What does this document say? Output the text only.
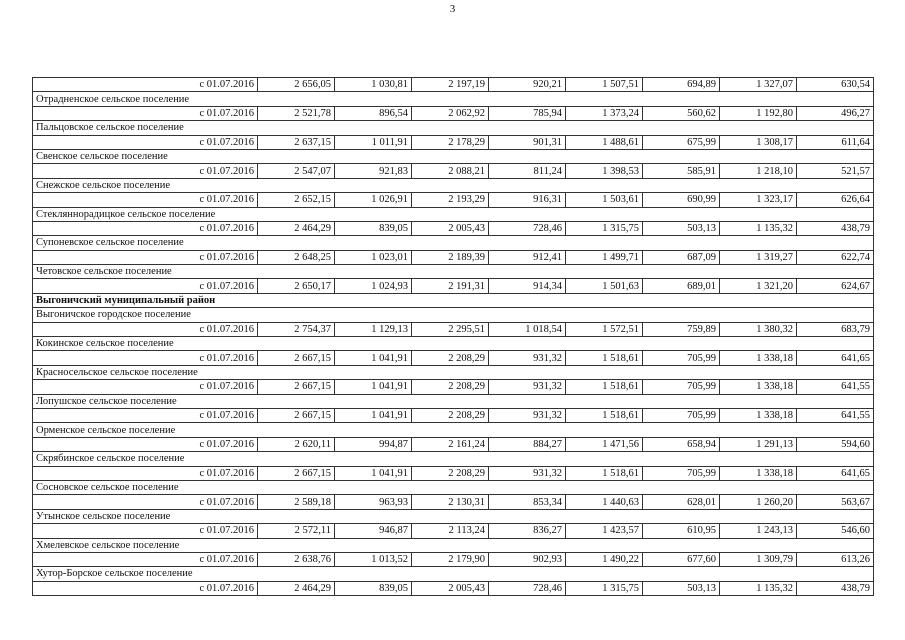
3
с 01.07.2016	2 656,05	1 030,81	2 197,19	920,21	1 507,51	694,89	1 327,07	630,54
Отрадненское сельское поселение								
с 01.07.2016	2 521,78	896,54	2 062,92	785,94	1 373,24	560,62	1 192,80	496,27
Пальцовское сельское поселение								
с 01.07.2016	2 637,15	1 011,91	2 178,29	901,31	1 488,61	675,99	1 308,17	611,64
Свенское сельское поселение								
с 01.07.2016	2 547,07	921,83	2 088,21	811,24	1 398,53	585,91	1 218,10	521,57
Снежское сельское поселение								
с 01.07.2016	2 652,15	1 026,91	2 193,29	916,31	1 503,61	690,99	1 323,17	626,64
Стекляннорадицкое сельское поселение								
с 01.07.2016	2 464,29	839,05	2 005,43	728,46	1 315,75	503,13	1 135,32	438,79
Супоневское сельское поселение								
с 01.07.2016	2 648,25	1 023,01	2 189,39	912,41	1 499,71	687,09	1 319,27	622,74
Четовское сельское поселение								
с 01.07.2016	2 650,17	1 024,93	2 191,31	914,34	1 501,63	689,01	1 321,20	624,67
Выгоничский муниципальный район								
Выгоничское городское поселение								
с 01.07.2016	2 754,37	1 129,13	2 295,51	1 018,54	1 572,51	759,89	1 380,32	683,79
Кокинское сельское поселение								
с 01.07.2016	2 667,15	1 041,91	2 208,29	931,32	1 518,61	705,99	1 338,18	641,65
Красносельское сельское поселение								
с 01.07.2016	2 667,15	1 041,91	2 208,29	931,32	1 518,61	705,99	1 338,18	641,55
Лопушское сельское поселение								
с 01.07.2016	2 667,15	1 041,91	2 208,29	931,32	1 518,61	705,99	1 338,18	641,55
Орменское сельское поселение								
с 01.07.2016	2 620,11	994,87	2 161,24	884,27	1 471,56	658,94	1 291,13	594,60
Скрябинское сельское поселение								
с 01.07.2016	2 667,15	1 041,91	2 208,29	931,32	1 518,61	705,99	1 338,18	641,65
Сосновское сельское поселение								
с 01.07.2016	2 589,18	963,93	2 130,31	853,34	1 440,63	628,01	1 260,20	563,67
Утынское сельское поселение								
с 01.07.2016	2 572,11	946,87	2 113,24	836,27	1 423,57	610,95	1 243,13	546,60
Хмелевское сельское поселение								
с 01.07.2016	2 638,76	1 013,52	2 179,90	902,93	1 490,22	677,60	1 309,79	613,26
Хутор-Борское сельское поселение								
с 01.07.2016	2 464,29	839,05	2 005,43	728,46	1 315,75	503,13	1 135,32	438,79
